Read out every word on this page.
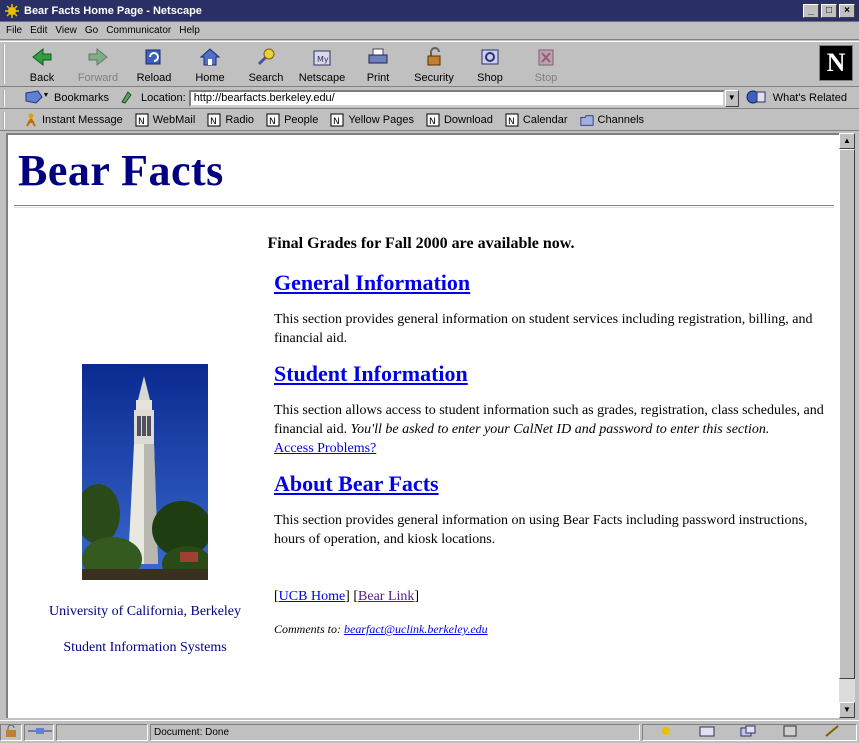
Bear Facts Home Page - Netscape	_	□	×
File Edit View Go Communicator Help
Back Forward Reload Home Search
My
Netscape Print Security Shop	Stop
N
Bookmarks	Location: http://bearfacts.berkeley.edu/	▼	What's Related
Instant Message N WebMail N Radio N People N Yellow Pages N Download N Calendar	Channels
Bear Facts
Final Grades for Fall 2000 are available now.
University of California, Berkeley
Student Information Systems
General Information

This section provides general information on student services including registration, billing, and financial aid.

Student Information

This section allows access to student information such as grades, registration, class schedules, and financial aid. You'll be asked to enter your CalNet ID and password to enter this section.

Access Problems?
About Bear Facts

This section provides general information on using Bear Facts including password instructions, hours of operation, and kiosk locations.

[UCB Home] [Bear Link]
Comments to: bearfact@uclink.berkeley.edu
▲
▼
Document: Done
